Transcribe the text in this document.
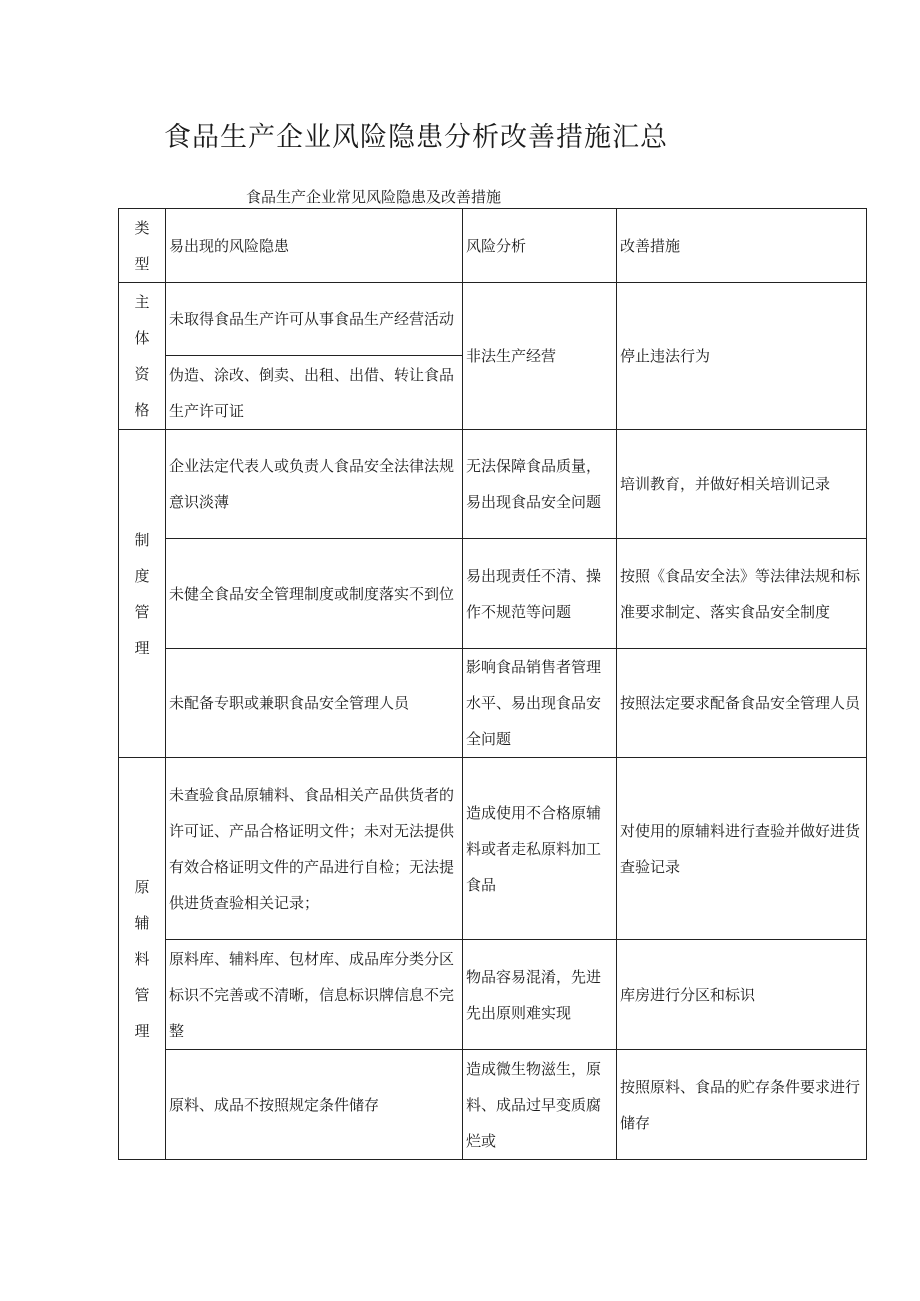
食品生产企业风险隐患分析改善措施汇总
食品生产企业常见风险隐患及改善措施
类
型	易出现的风险隐患	风险分析	改善措施

主
体
资
格	未取得食品生产许可从事食品生产经营活动	非法生产经营	停止违法行为
	伪造、涂改、倒卖、出租、出借、转让食品生产许可证		

制
度
管
理	企业法定代表人或负责人食品安全法律法规意识淡薄	无法保障食品质量，易出现食品安全问题	培训教育，并做好相关培训记录
	未健全食品安全管理制度或制度落实不到位	易出现责任不清、操作不规范等问题	按照《食品安全法》等法律法规和标准要求制定、落实食品安全制度
	未配备专职或兼职食品安全管理人员	影响食品销售者管理水平、易出现食品安全问题	按照法定要求配备食品安全管理人员

原
辅
料
管
理	未查验食品原辅料、食品相关产品供货者的许可证、产品合格证明文件；未对无法提供有效合格证明文件的产品进行自检；无法提供进货查验相关记录；	造成使用不合格原辅料或者走私原料加工食品	对使用的原辅料进行查验并做好进货查验记录
	原料库、辅料库、包材库、成品库分类分区标识不完善或不清晰，信息标识牌信息不完整	物品容易混淆，先进先出原则难实现	库房进行分区和标识
	原料、成品不按照规定条件储存	造成微生物滋生，原料、成品过早变质腐烂或	按照原料、食品的贮存条件要求进行储存
